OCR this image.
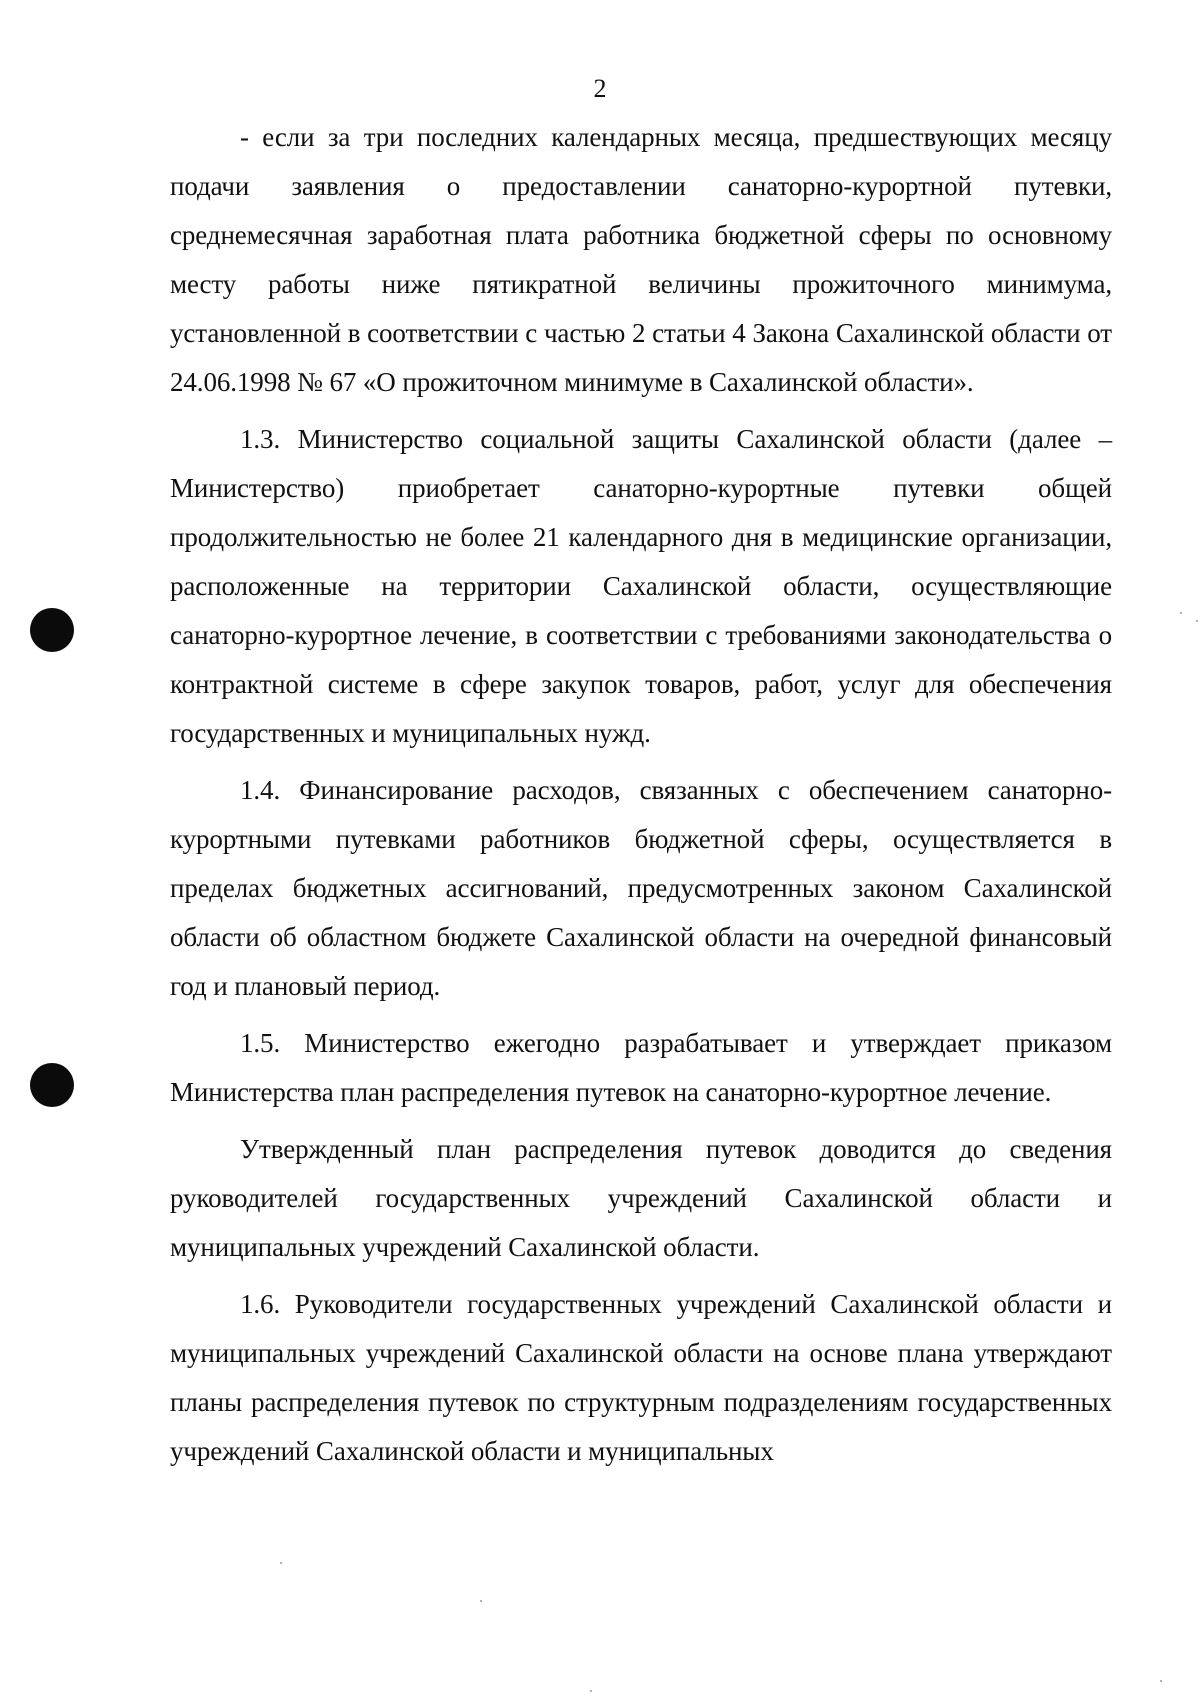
2

- если за три последних календарных месяца, предшествующих месяцу подачи заявления о предоставлении санаторно-курортной путевки, среднемесячная заработная плата работника бюджетной сферы по основному месту работы ниже пятикратной величины прожиточного минимума, установленной в соответствии с частью 2 статьи 4 Закона Сахалинской области от 24.06.1998 № 67 «О прожиточном минимуме в Сахалинской области».

1.3. Министерство социальной защиты Сахалинской области (далее – Министерство) приобретает санаторно-курортные путевки общей продолжительностью не более 21 календарного дня в медицинские организации, расположенные на территории Сахалинской области, осуществляющие санаторно-курортное лечение, в соответствии с требованиями законодательства о контрактной системе в сфере закупок товаров, работ, услуг для обеспечения государственных и муниципальных нужд.

1.4. Финансирование расходов, связанных с обеспечением санаторно-курортными путевками работников бюджетной сферы, осуществляется в пределах бюджетных ассигнований, предусмотренных законом Сахалинской области об областном бюджете Сахалинской области на очередной финансовый год и плановый период.

1.5. Министерство ежегодно разрабатывает и утверждает приказом Министерства план распределения путевок на санаторно-курортное лечение.

Утвержденный план распределения путевок доводится до сведения руководителей государственных учреждений Сахалинской области и муниципальных учреждений Сахалинской области.

1.6. Руководители государственных учреждений Сахалинской области и муниципальных учреждений Сахалинской области на основе плана утверждают планы распределения путевок по структурным подразделениям государственных учреждений Сахалинской области и муниципальных
